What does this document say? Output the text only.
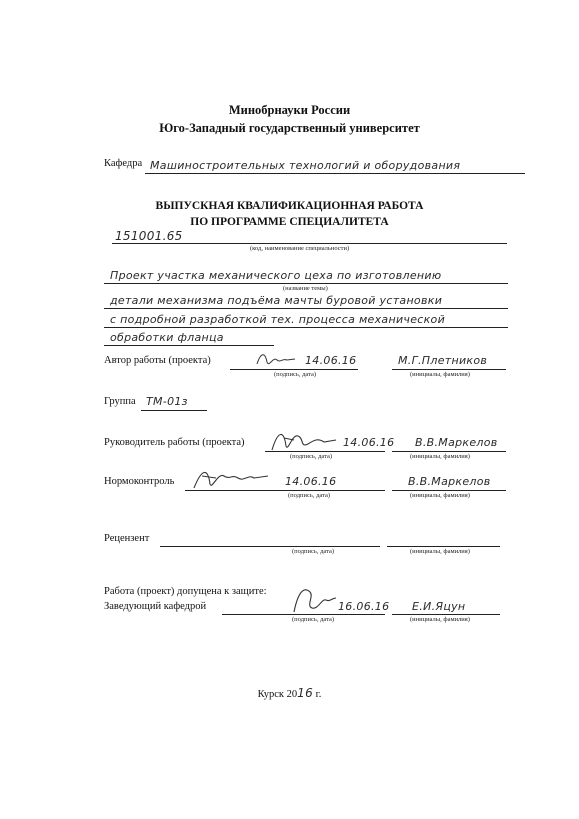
Минобрнауки России
Юго-Западный государственный университет
Кафедра Машиностроительных технологий и оборудования
ВЫПУСКНАЯ КВАЛИФИКАЦИОННАЯ РАБОТА
ПО ПРОГРАММЕ СПЕЦИАЛИТЕТА
151001.65
(код, наименование специальности)
Проект участка механического цеха по изготовлению
(название темы)
детали механизма подъёма мачты буровой установки
с подробной разработкой тех. процесса механической
обработки фланца
Автор работы (проекта)	14.06.16	М.Г.Плетников
(подпись, дата)	(инициалы, фамилия)
Группа ТМ-01з
Руководитель работы (проекта)	14.06.16 В.В.Маркелов
(подпись, дата)	(инициалы, фамилия)
Нормоконтроль	14.06.16	В.В.Маркелов
(подпись, дата)	(инициалы, фамилия)
Рецензент
(подпись, дата)	(инициалы, фамилия)
Работа (проект) допущена к защите:
Заведующий кафедрой	16.06.16 Е.И.Яцун
(подпись, дата)	(инициалы, фамилия)
Курск 2016 г.
